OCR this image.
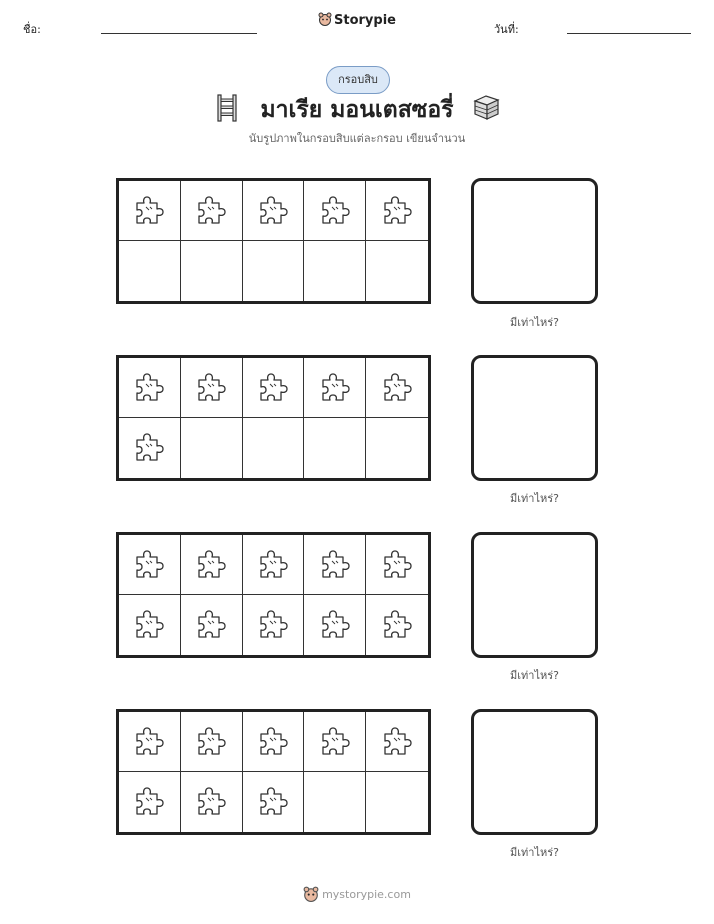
ชื่อ:
Storypie
วันที่:
กรอบสิบ
มาเรีย มอนเตสซอรี่
นับรูปภาพในกรอบสิบแต่ละกรอบ เขียนจำนวน
มีเท่าไหร่?
มีเท่าไหร่?
มีเท่าไหร่?
มีเท่าไหร่?
mystorypie.com
